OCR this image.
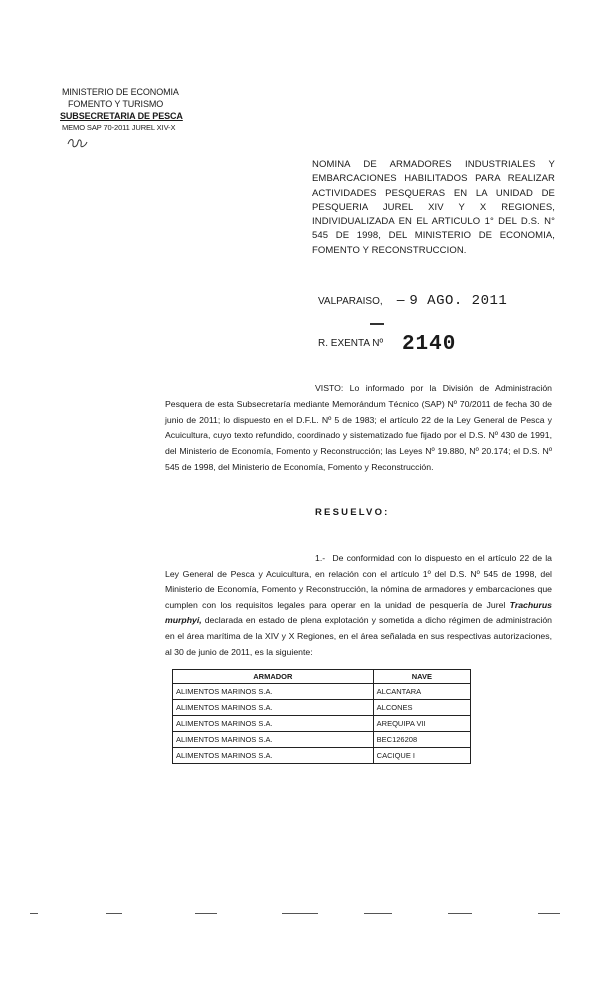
MINISTERIO DE ECONOMIA
FOMENTO Y TURISMO
SUBSECRETARIA DE PESCA
MEMO SAP 70-2011 JUREL XIV-X
NOMINA DE ARMADORES INDUSTRIALES Y EMBARCACIONES HABILITADOS PARA REALIZAR ACTIVIDADES PESQUERAS EN LA UNIDAD DE PESQUERIA JUREL XIV Y X REGIONES, INDIVIDUALIZADA EN EL ARTICULO 1° DEL D.S. N° 545 DE 1998, DEL MINISTERIO DE ECONOMIA, FOMENTO Y RECONSTRUCCION.
VALPARAISO, – 9 AGO. 2011
R. EXENTA Nº 2140
VISTO: Lo informado por la División de Administración Pesquera de esta Subsecretaría mediante Memorándum Técnico (SAP) Nº 70/2011 de fecha 30 de junio de 2011; lo dispuesto en el D.F.L. Nº 5 de 1983; el artículo 22 de la Ley General de Pesca y Acuicultura, cuyo texto refundido, coordinado y sistematizado fue fijado por el D.S. Nº 430 de 1991, del Ministerio de Economía, Fomento y Reconstrucción; las Leyes Nº 19.880, Nº 20.174; el D.S. Nº 545 de 1998, del Ministerio de Economía, Fomento y Reconstrucción.
RESUELVO:
1.- De conformidad con lo dispuesto en el artículo 22 de la Ley General de Pesca y Acuicultura, en relación con el artículo 1º del D.S. Nº 545 de 1998, del Ministerio de Economía, Fomento y Reconstrucción, la nómina de armadores y embarcaciones que cumplen con los requisitos legales para operar en la unidad de pesquería de Jurel Trachurus murphyi, declarada en estado de plena explotación y sometida a dicho régimen de administración en el área marítima de la XIV y X Regiones, en el área señalada en sus respectivas autorizaciones, al 30 de junio de 2011, es la siguiente:
ARMADOR	NAVE
ALIMENTOS MARINOS S.A.	ALCANTARA
ALIMENTOS MARINOS S.A.	ALCONES
ALIMENTOS MARINOS S.A.	AREQUIPA VII
ALIMENTOS MARINOS S.A.	BEC126208
ALIMENTOS MARINOS S.A.	CACIQUE I
